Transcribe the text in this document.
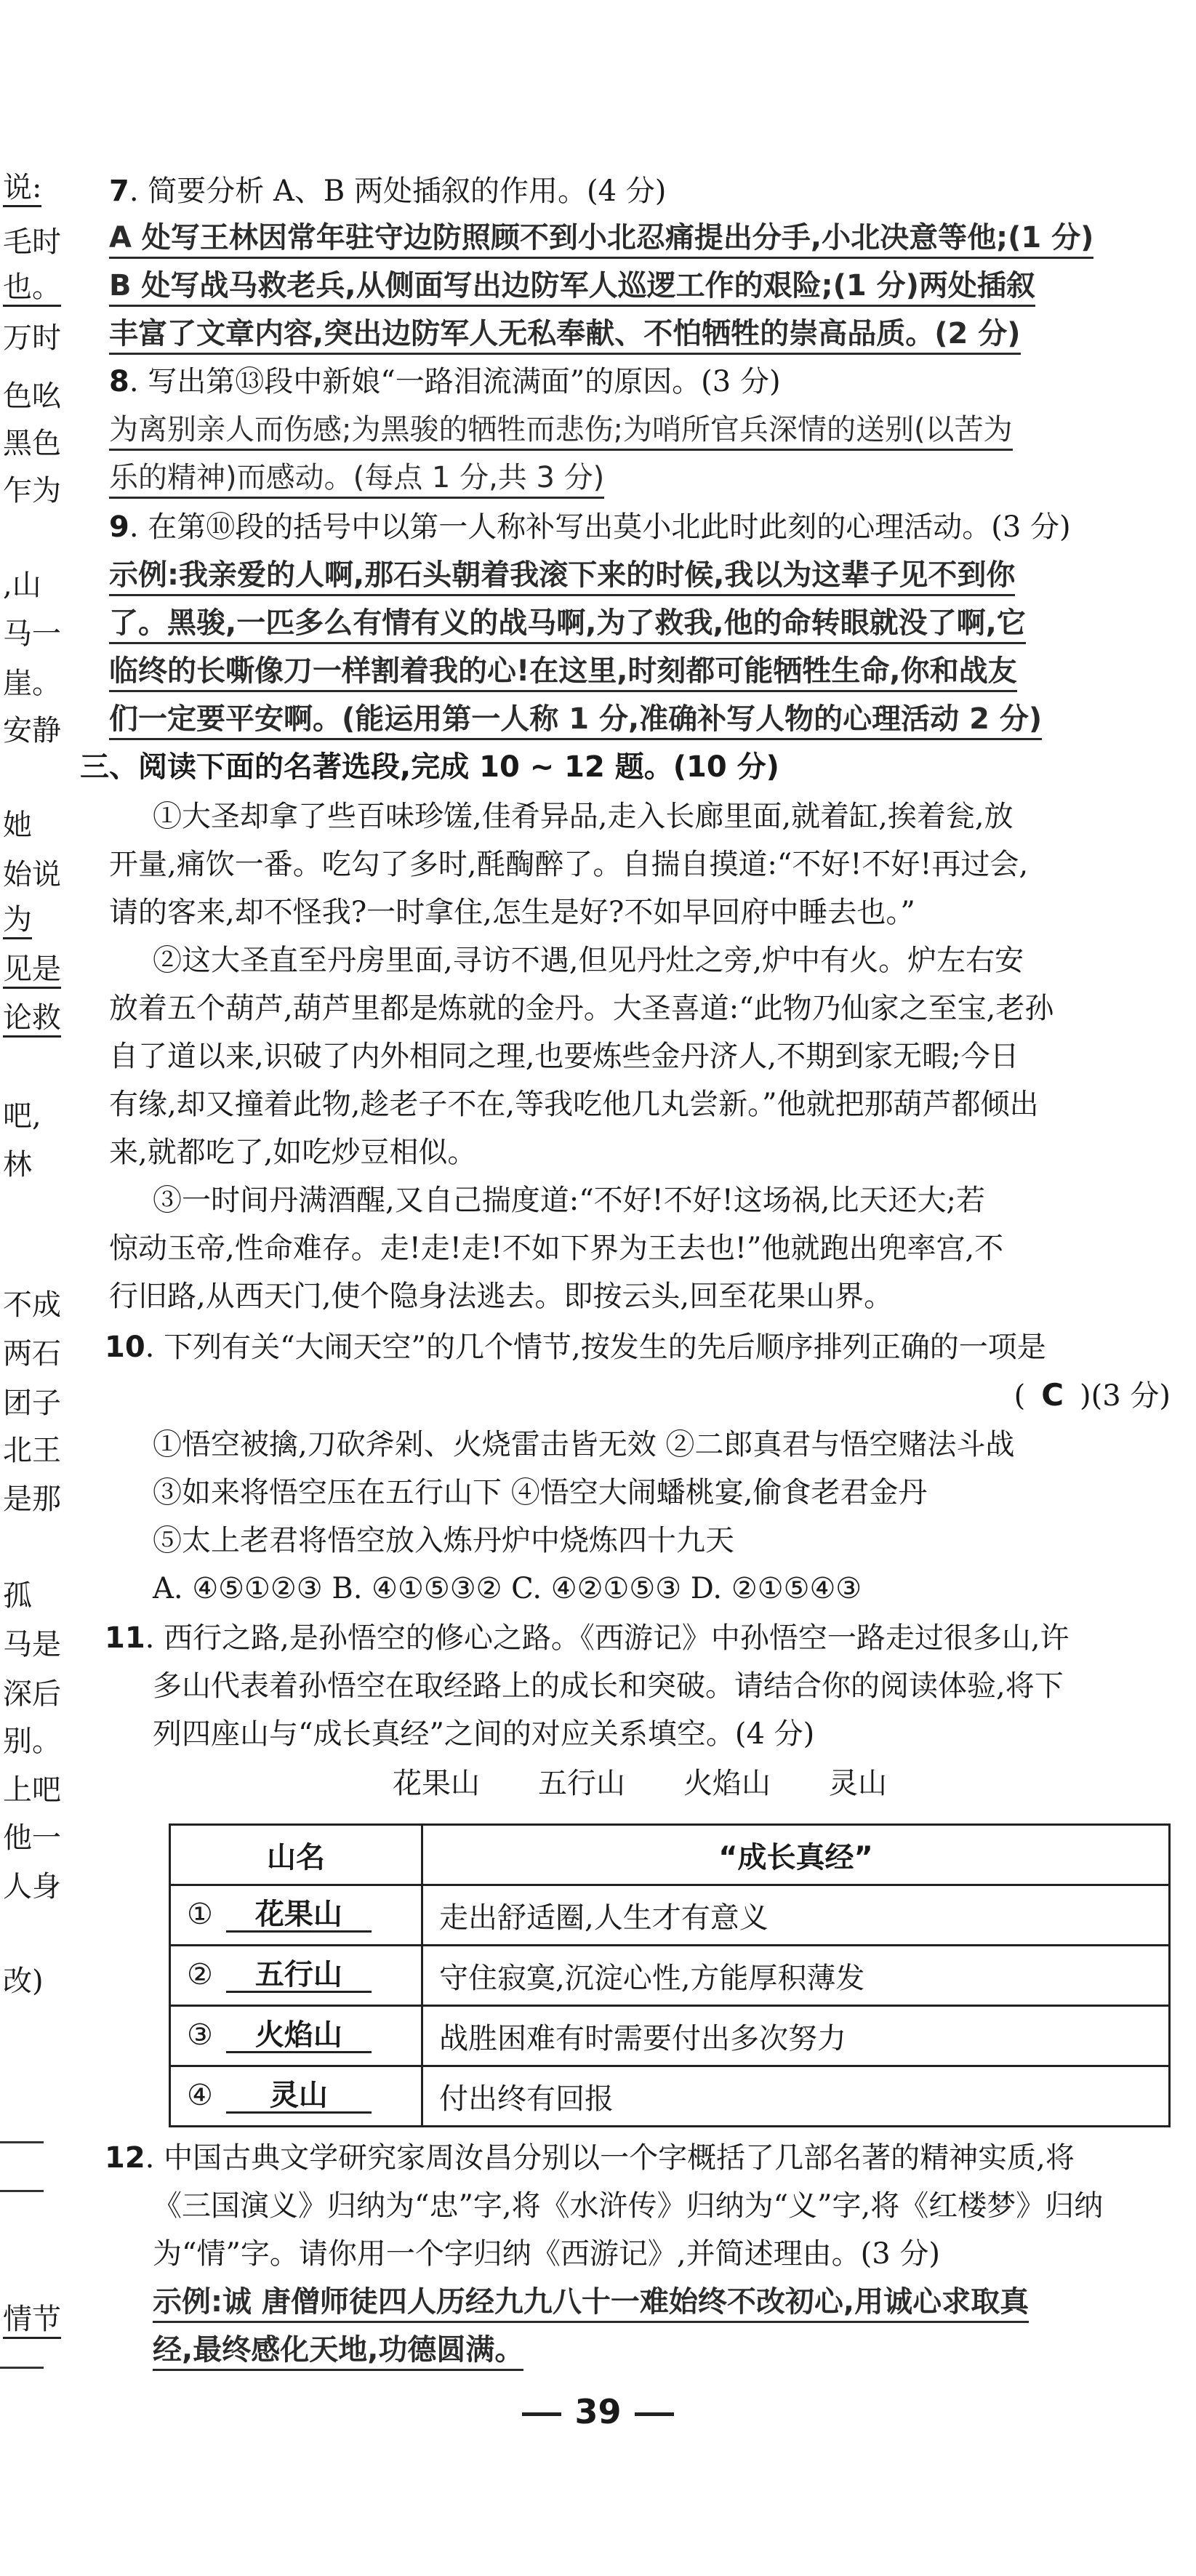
说:
毛时
也。
万时
色吆
黑色
乍为
,山
马一
崖。
安静
她
始说
为
见是
论救
吧,
林
不成
两石
团子
北王
是那
孤
马是
深后
别。
上吧
他一
人身
改)
情节
7. 简要分析 A、B 两处插叙的作用。(4 分)
A 处写王林因常年驻守边防照顾不到小北忍痛提出分手,小北决意等他;(1 分)
B 处写战马救老兵,从侧面写出边防军人巡逻工作的艰险;(1 分)两处插叙
丰富了文章内容,突出边防军人无私奉献、不怕牺牲的崇高品质。(2 分)
8. 写出第⑬段中新娘“一路泪流满面”的原因。(3 分)
为离别亲人而伤感;为黑骏的牺牲而悲伤;为哨所官兵深情的送别(以苦为
乐的精神)而感动。(每点 1 分,共 3 分)
9. 在第⑩段的括号中以第一人称补写出莫小北此时此刻的心理活动。(3 分)
示例:我亲爱的人啊,那石头朝着我滚下来的时候,我以为这辈子见不到你
了。黑骏,一匹多么有情有义的战马啊,为了救我,他的命转眼就没了啊,它
临终的长嘶像刀一样割着我的心!在这里,时刻都可能牺牲生命,你和战友
们一定要平安啊。(能运用第一人称 1 分,准确补写人物的心理活动 2 分)
三、阅读下面的名著选段,完成 10 ~ 12 题。(10 分)
①大圣却拿了些百味珍馐,佳肴异品,走入长廊里面,就着缸,挨着瓮,放
开量,痛饮一番。吃勾了多时,酕醄醉了。自揣自摸道:“不好!不好!再过会,
请的客来,却不怪我?一时拿住,怎生是好?不如早回府中睡去也。”
②这大圣直至丹房里面,寻访不遇,但见丹灶之旁,炉中有火。炉左右安
放着五个葫芦,葫芦里都是炼就的金丹。大圣喜道:“此物乃仙家之至宝,老孙
自了道以来,识破了内外相同之理,也要炼些金丹济人,不期到家无暇;今日
有缘,却又撞着此物,趁老子不在,等我吃他几丸尝新。”他就把那葫芦都倾出
来,就都吃了,如吃炒豆相似。
③一时间丹满酒醒,又自己揣度道:“不好!不好!这场祸,比天还大;若
惊动玉帝,性命难存。走!走!走!不如下界为王去也!”他就跑出兜率宫,不
行旧路,从西天门,使个隐身法逃去。即按云头,回至花果山界。
10. 下列有关“大闹天空”的几个情节,按发生的先后顺序排列正确的一项是
( C )(3 分)
①悟空被擒,刀砍斧剁、火烧雷击皆无效 ②二郎真君与悟空赌法斗战
③如来将悟空压在五行山下 ④悟空大闹蟠桃宴,偷食老君金丹
⑤太上老君将悟空放入炼丹炉中烧炼四十九天
A. ④⑤①②③ B. ④①⑤③② C. ④②①⑤③ D. ②①⑤④③
11. 西行之路,是孙悟空的修心之路。《西游记》中孙悟空一路走过很多山,许
多山代表着孙悟空在取经路上的成长和突破。请结合你的阅读体验,将下
列四座山与“成长真经”之间的对应关系填空。(4 分)
花果山 五行山 火焰山 灵山
山名	“成长真经”
① 花果山	走出舒适圈,人生才有意义
② 五行山	守住寂寞,沉淀心性,方能厚积薄发
③ 火焰山	战胜困难有时需要付出多次努力
④ 灵山	付出终有回报
12. 中国古典文学研究家周汝昌分别以一个字概括了几部名著的精神实质,将
《三国演义》归纳为“忠”字,将《水浒传》归纳为“义”字,将《红楼梦》归纳
为“情”字。请你用一个字归纳《西游记》,并简述理由。(3 分)
示例:诚 唐僧师徒四人历经九九八十一难始终不改初心,用诚心求取真
经,最终感化天地,功德圆满。
39
